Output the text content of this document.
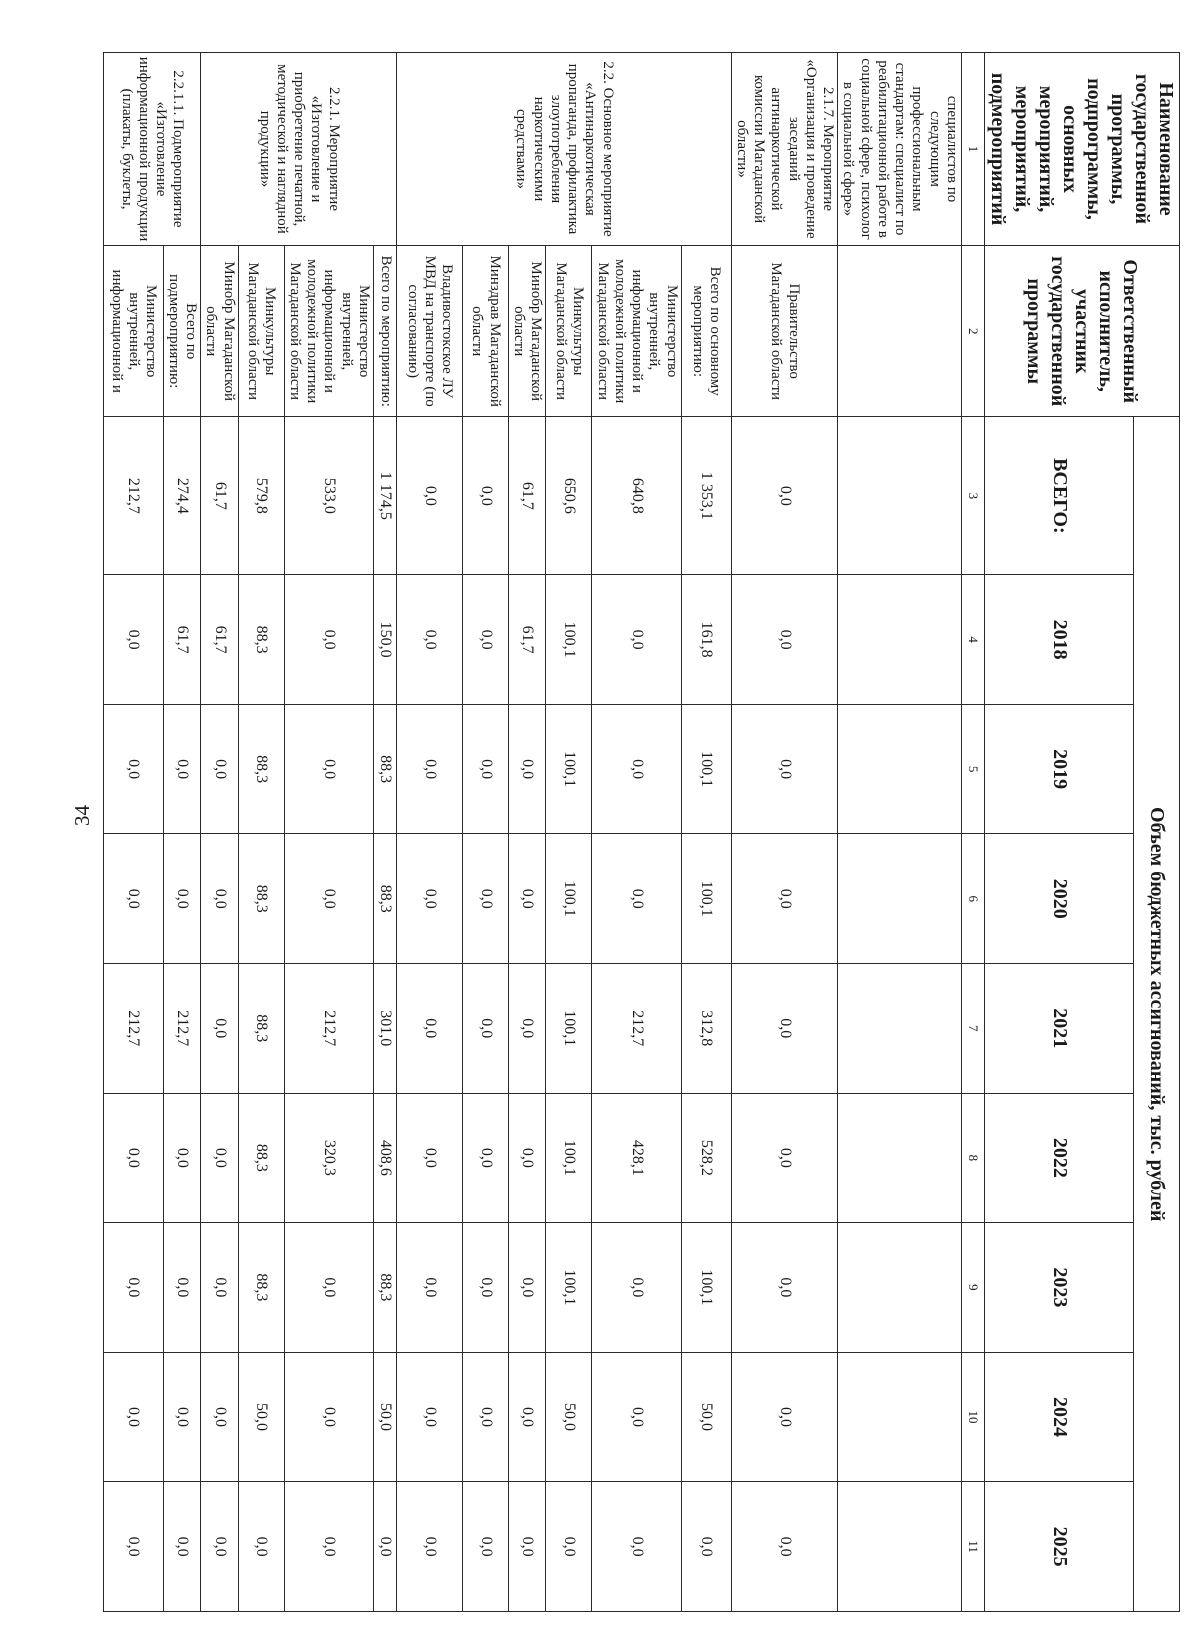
34
Наименование государственной программы, подпрограммы, основных мероприятий, мероприятий, подмероприятий	Ответственный исполнитель, участник государственной программы	Объем бюджетных ассигнований, тыс. рублей								
		ВСЕГО:	2018	2019	2020	2021	2022	2023	2024	2025
1	2	3	4	5	6	7	8	9	10	11
специалистов по следующим профессиональным стандартам: специалист по реабилитационной работе в социальной сфере, психолог в социальной сфере»										
2.1.7. Мероприятие «Организация и проведение заседаний антинаркотической комиссии Магаданской области»	Правительство Магаданской области	0,0	0,0	0,0	0,0	0,0	0,0	0,0	0,0	0,0
2.2. Основное мероприятие «Антинаркотическая пропаганда, профилактика злоупотребления наркотическими средствами»	Всего по основному мероприятию:	1 353,1	161,8	100,1	100,1	312,8	528,2	100,1	50,0	0,0
	Министерство внутренней, информационной и молодежной политики Магаданской области	640,8	0,0	0,0	0,0	212,7	428,1	0,0	0,0	0,0
	Минкультуры Магаданской области	650,6	100,1	100,1	100,1	100,1	100,1	100,1	50,0	0,0
	Минобр Магаданской области	61,7	61,7	0,0	0,0	0,0	0,0	0,0	0,0	0,0
	Минздрав Магаданской области	0,0	0,0	0,0	0,0	0,0	0,0	0,0	0,0	0,0
	Владивостокское ЛУ МВД на транспорте (по согласованию)	0,0	0,0	0,0	0,0	0,0	0,0	0,0	0,0	0,0
2.2.1. Мероприятие «Изготовление и приобретение печатной, методической и наглядной продукции»	Всего по мероприятию:	1 174,5	150,0	88,3	88,3	301,0	408,6	88,3	50,0	0,0
	Министерство внутренней, информационной и молодежной политики Магаданской области	533,0	0,0	0,0	0,0	212,7	320,3	0,0	0,0	0,0
	Минкультуры Магаданской области	579,8	88,3	88,3	88,3	88,3	88,3	88,3	50,0	0,0
	Минобр Магаданской области	61,7	61,7	0,0	0,0	0,0	0,0	0,0	0,0	0,0
2.2.1.1. Подмероприятие «Изготовление информационной продукции (плакаты, буклеты,	Всего по подмероприятию:	274,4	61,7	0,0	0,0	212,7	0,0	0,0	0,0	0,0
	Министерство внутренней, информационной и	212,7	0,0	0,0	0,0	212,7	0,0	0,0	0,0	0,0
